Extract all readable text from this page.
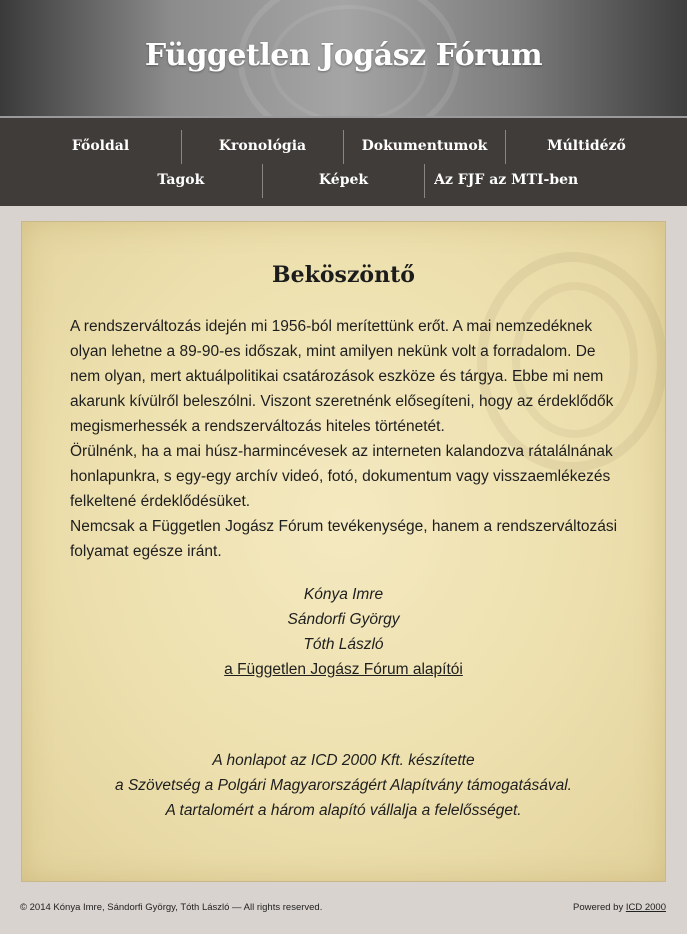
Független Jogász Fórum
Főoldal	Kronológia	Dokumentumok	Múltidéző
Tagok	Képek	Az FJF az MTI-ben
Beköszöntő

A rendszerváltozás idején mi 1956-ból merítettünk erőt. A mai nemzedéknek olyan lehetne a 89-90-es időszak, mint amilyen nekünk volt a forradalom. De nem olyan, mert aktuálpolitikai csatározások eszköze és tárgya. Ebbe mi nem akarunk kívülről beleszólni. Viszont szeretnénk elősegíteni, hogy az érdeklődők megismerhessék a rendszerváltozás hiteles történetét.

Örülnénk, ha a mai húsz-harmincévesek az interneten kalandozva rátalálnának honlapunkra, s egy-egy archív videó, fotó, dokumentum vagy visszaemlékezés felkeltené érdeklődésüket.

Nemcsak a Független Jogász Fórum tevékenysége, hanem a rendszerváltozási folyamat egésze iránt.

Kónya Imre
Sándorfi György
Tóth László
a Független Jogász Fórum alapítói
A honlapot az ICD 2000 Kft. készítette
a Szövetség a Polgári Magyarországért Alapítvány támogatásával.
A tartalomért a három alapító vállalja a felelősséget.
© 2014 Kónya Imre, Sándorfi György, Tóth László — All rights reserved.	Powered by ICD 2000
